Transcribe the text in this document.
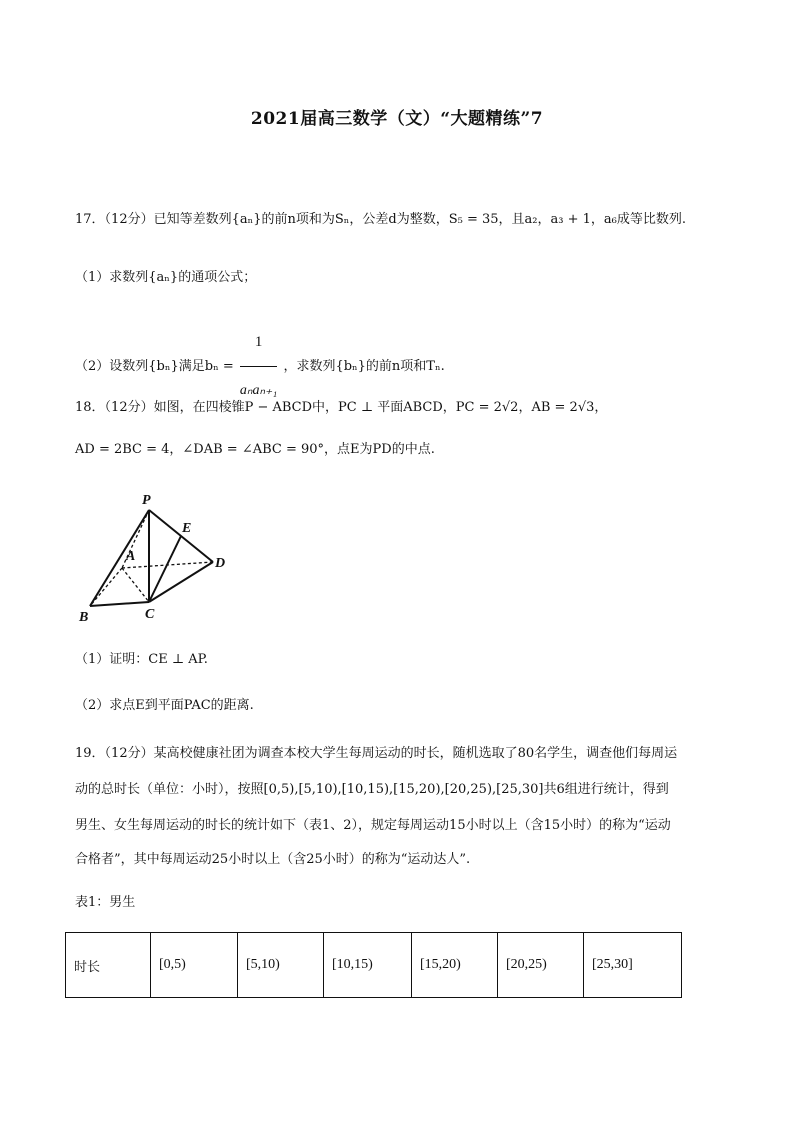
2021届高三数学（文）“大题精练”7
17．（12分）已知等差数列{aₙ}的前n项和为Sₙ，公差d为整数，S₅ = 35，且a₂，a₃ + 1，a₆成等比数列.
（1）求数列{aₙ}的通项公式；
（2）设数列{bₙ}满足$b_n = \frac{1}{\text{aₙaₙ₊₁}}$ ，求数列{bₙ}的前n项和Tₙ.
18．（12分）如图，在四棱锥P − ABCD中，PC ⊥ 平面ABCD，PC = 2√2，AB = 2√3，
AD = 2BC = 4，∠DAB = ∠ABC = 90°，点E为PD的中点.
P
E
A	D
B	C
（1）证明：CE ⊥ AP.
（2）求点E到平面PAC的距离.
19．（12分）某高校健康社团为调查本校大学生每周运动的时长，随机选取了80名学生，调查他们每周运
动的总时长（单位：小时），按照[0,5),[5,10),[10,15),[15,20),[20,25),[25,30]共6组进行统计，得到
男生、女生每周运动的时长的统计如下（表1、2），规定每周运动15小时以上（含15小时）的称为“运动
合格者”，其中每周运动25小时以上（含25小时）的称为“运动达人”.
表1：男生
时长	[0,5)	[5,10)	[10,15)	[15,20)	[20,25)	[25,30]
